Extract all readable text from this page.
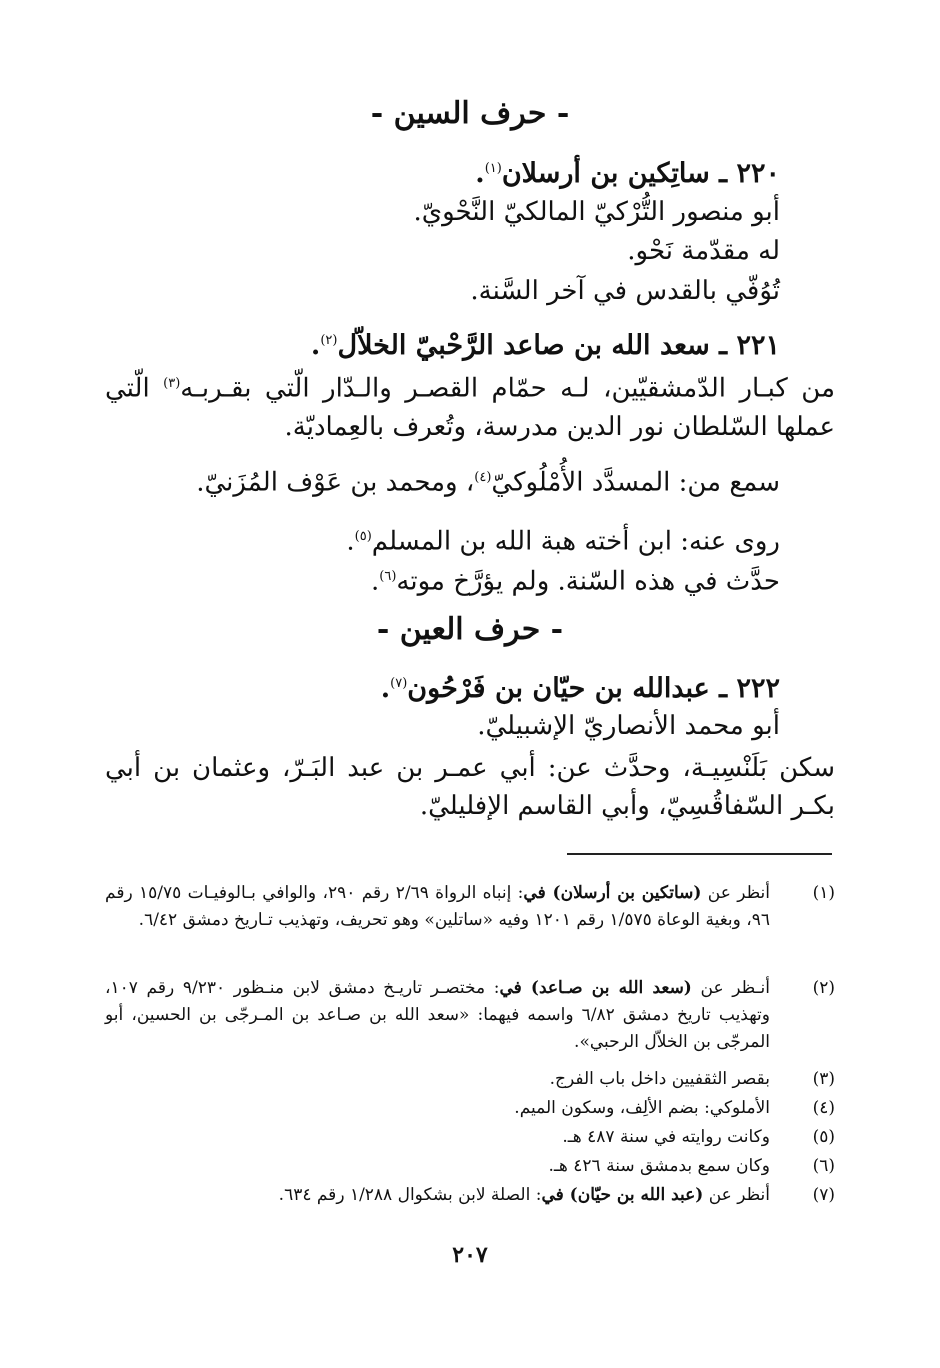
- حرف السين -
٢٢٠ ـ ساتِكين بن أرسلان$^{(١)}$.
أبو منصور التُّرْكيّ المالكيّ النَّحْويّ.
له مقدّمة نَحْو.
تُوُفّي بالقدس في آخر السَّنة.
٢٢١ ـ سعد الله بن صاعد الرَّحْبيّ الخلاّل$^{(٢)}$.
من كبـار الدّمشقيّين، لـه حمّام القصـر والـدّار الّتي بقـربـه$^{(٣)}$ الّتي عملها السّلطان نور الدين مدرسة، وتُعرف بالعِماديّة.
سمع من: المسدَّد الأُمْلُوكيّ$^{(٤)}$، ومحمد بن عَوْف المُزَنيّ.
روى عنه: ابن أخته هبة الله بن المسلم$^{(٥)}$.
حدَّث في هذه السّنة. ولم يؤرَّخ موته$^{(٦)}$.
- حرف العين -
٢٢٢ ـ عبدالله بن حيّان بن فَرْحُون$^{(٧)}$.
أبو محمد الأنصاريّ الإشبيليّ.
سكن بَلَنْسِيـة، وحدَّث عن: أبي عمـر بن عبد البَـرّ، وعثمان بن أبي بكـر السّفاقُسِيّ، وأبي القاسم الإفليليّ.
(١)
أنظر عن (ساتكين بن أرسلان) في: إنباه الرواة ٢/٦٩ رقم ٢٩٠، والوافي بـالوفيـات ١٥/٧٥ رقم ٩٦، وبغية الوعاة ١/٥٧٥ رقم ١٢٠١ وفيه «ساتلين» وهو تحريف، وتهذيب تـاريخ دمشق ٦/٤٢.
(٢)
أنـظر عن (سعد الله بن صـاعد) في: مختصـر تاريـخ دمشق لابن منـظور ٩/٢٣٠ رقم ١٠٧، وتهذيب تاريخ دمشق ٦/٨٢ واسمه فيهما: «سعد الله بن صـاعد بن المـرجّى بن الحسين، أبو المرجّى بن الخلاّل الرحبي».
(٣)
بقصر الثقفيين داخل باب الفرج.
(٤)
الأملوكي: بضم الألِف، وسكون الميم.
(٥)
وكانت روايته في سنة ٤٨٧ هـ.
(٦)
وكان سمع بدمشق سنة ٤٢٦ هـ.
(٧)
أنظر عن (عبد الله بن حيّان) في: الصلة لابن بشكوال ١/٢٨٨ رقم ٦٣٤.
٢٠٧
